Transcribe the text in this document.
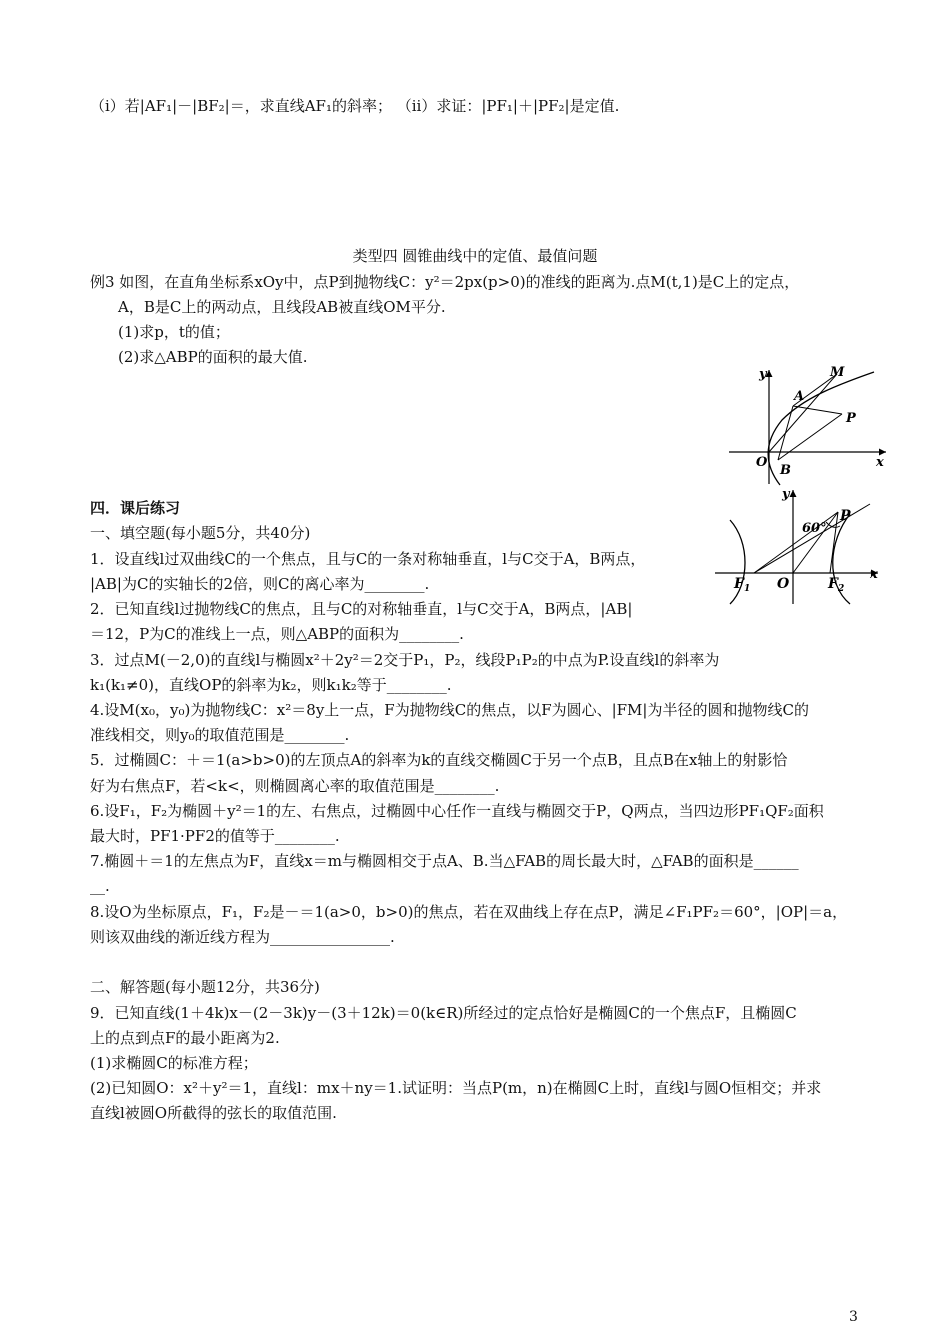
（ⅰ）若|AF₁|－|BF₂|＝，求直线AF₁的斜率； （ⅱ）求证：|PF₁|＋|PF₂|是定值.
类型四 圆锥曲线中的定值、最值问题
例3 如图，在直角坐标系xOy中，点P到抛物线C：y²＝2px(p>0)的准线的距离为.点M(t,1)是C上的定点，
A，B是C上的两动点，且线段AB被直线OM平分.
(1)求p，t的值；
(2)求△ABP的面积的最大值.
y
x
O
A
B
M
P
四．课后练习
一、填空题(每小题5分，共40分)
y
x
O
P
60°
$F_1$	$F_2$
1．设直线l过双曲线C的一个焦点，且与C的一条对称轴垂直，l与C交于A，B两点，
|AB|为C的实轴长的2倍，则C的离心率为________.
2．已知直线l过抛物线C的焦点，且与C的对称轴垂直，l与C交于A，B两点，|AB|
＝12，P为C的准线上一点，则△ABP的面积为________.
3．过点M(－2,0)的直线l与椭圆x²＋2y²＝2交于P₁，P₂，线段P₁P₂的中点为P.设直线l的斜率为
k₁(k₁≠0)，直线OP的斜率为k₂，则k₁k₂等于________.
4.设M(x₀，y₀)为抛物线C：x²＝8y上一点，F为抛物线C的焦点，以F为圆心、|FM|为半径的圆和抛物线C的
准线相交，则y₀的取值范围是________.
5．过椭圆C：＋＝1(a>b>0)的左顶点A的斜率为k的直线交椭圆C于另一个点B，且点B在x轴上的射影恰
好为右焦点F，若<k<，则椭圆离心率的取值范围是________.
6.设F₁，F₂为椭圆＋y²＝1的左、右焦点，过椭圆中心任作一直线与椭圆交于P，Q两点，当四边形PF₁QF₂面积
最大时，PF1·PF2的值等于________.
7.椭圆＋＝1的左焦点为F，直线x＝m与椭圆相交于点A、B.当△FAB的周长最大时，△FAB的面积是______
__.
8.设O为坐标原点，F₁，F₂是－＝1(a>0，b>0)的焦点，若在双曲线上存在点P，满足∠F₁PF₂＝60°，|OP|＝a，
则该双曲线的渐近线方程为________________.
二、解答题(每小题12分，共36分)
9．已知直线(1＋4k)x－(2－3k)y－(3＋12k)＝0(k∈R)所经过的定点恰好是椭圆C的一个焦点F，且椭圆C
上的点到点F的最小距离为2.
(1)求椭圆C的标准方程；
(2)已知圆O：x²＋y²＝1，直线l：mx＋ny＝1.试证明：当点P(m，n)在椭圆C上时，直线l与圆O恒相交；并求
直线l被圆O所截得的弦长的取值范围.
3
